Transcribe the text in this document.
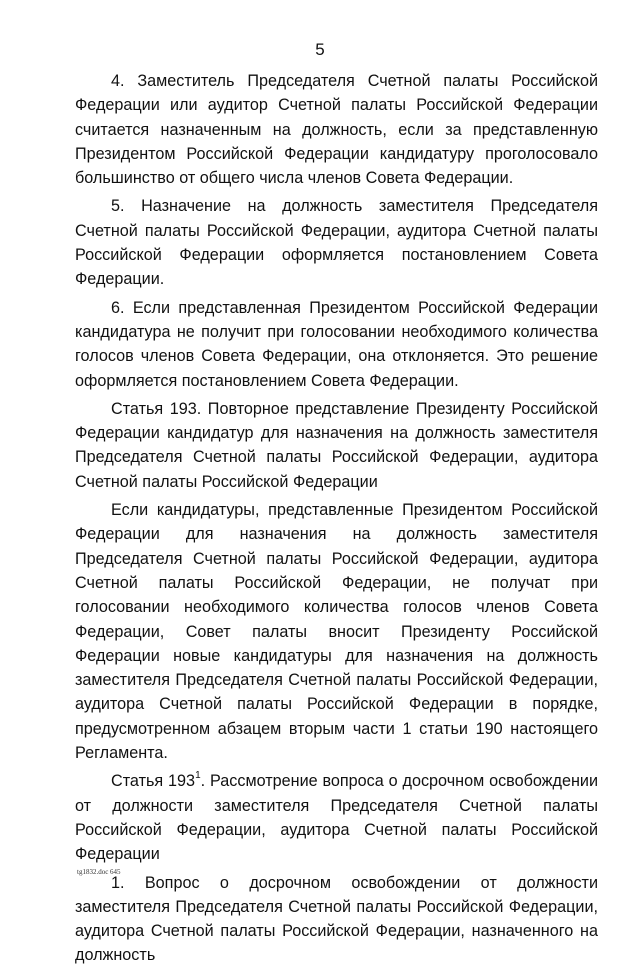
5

4. Заместитель Председателя Счетной палаты Российской Федерации или аудитор Счетной палаты Российской Федерации считается назначенным на должность, если за представленную Президентом Российской Федерации кандидатуру проголосовало большинство от общего числа членов Совета Федерации.

5. Назначение на должность заместителя Председателя Счетной палаты Российской Федерации, аудитора Счетной палаты Российской Федерации оформляется постановлением Совета Федерации.

6. Если представленная Президентом Российской Федерации кандидатура не получит при голосовании необходимого количества голосов членов Совета Федерации, она отклоняется. Это решение оформляется постановлением Совета Федерации.

Статья 193. Повторное представление Президенту Российской Федерации кандидатур для назначения на должность заместителя Председателя Счетной палаты Российской Федерации, аудитора Счетной палаты Российской Федерации

Если кандидатуры, представленные Президентом Российской Федерации для назначения на должность заместителя Председателя Счетной палаты Российской Федерации, аудитора Счетной палаты Российской Федерации, не получат при голосовании необходимого количества голосов членов Совета Федерации, Совет палаты вносит Президенту Российской Федерации новые кандидатуры для назначения на должность заместителя Председателя Счетной палаты Российской Федерации, аудитора Счетной палаты Российской Федерации в порядке, предусмотренном абзацем вторым части 1 статьи 190 настоящего Регламента.

Статья $193^1$. Рассмотрение вопроса о досрочном освобождении от должности заместителя Председателя Счетной палаты Российской Федерации, аудитора Счетной палаты Российской Федерации

1. Вопрос о досрочном освобождении от должности заместителя Председателя Счетной палаты Российской Федерации, аудитора Счетной палаты Российской Федерации, назначенного на должность

tg1832.doc 645
